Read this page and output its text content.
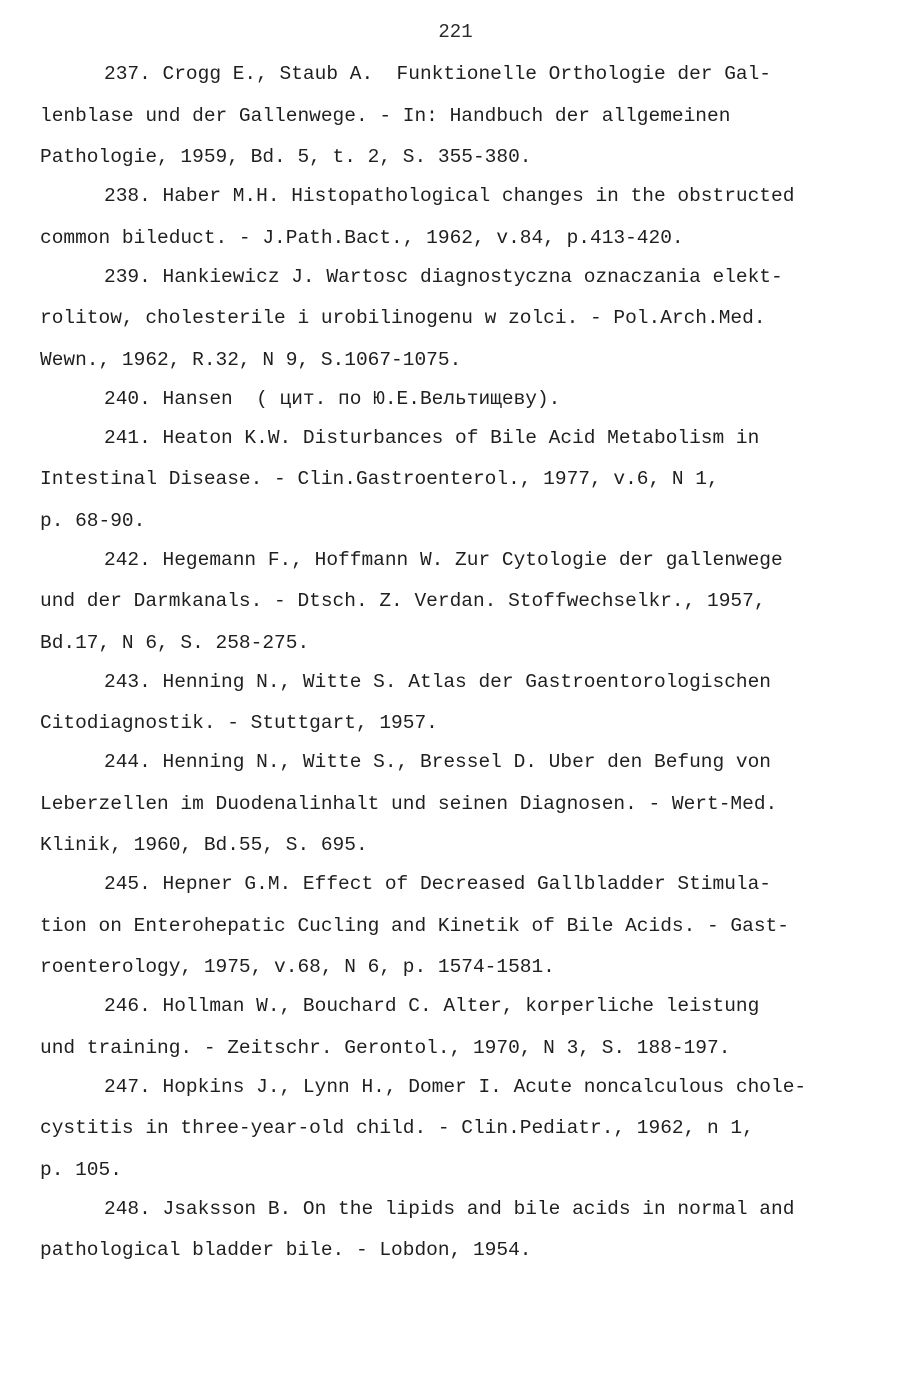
221
237. Crogg E., Staub A.  Funktionelle Orthologie der Gal-
lenblase und der Gallenwege. - In: Handbuch der allgemeinen
Pathologie, 1959, Bd. 5, t. 2, S. 355-380.
238. Haber M.H. Histopathological changes in the obstructed
common bileduct. - J.Path.Bact., 1962, v.84, p.413-420.
239. Hankiewicz J. Wartosc diagnostyczna oznaczania elekt-
rolitow, cholesterile i urobilinogenu w zolci. - Pol.Arch.Med.
Wewn., 1962, R.32, N 9, S.1067-1075.
240. Hansen  ( цит. по Ю.Е.Вельтищеву).
241. Heaton K.W. Disturbances of Bile Acid Metabolism in
Intestinal Disease. - Clin.Gastroenterol., 1977, v.6, N 1,
p. 68-90.
242. Hegemann F., Hoffmann W. Zur Cytologie der gallenwege
und der Darmkanals. - Dtsch. Z. Verdan. Stoffwechselkr., 1957,
Bd.17, N 6, S. 258-275.
243. Henning N., Witte S. Atlas der Gastroentorologischen
Citodiagnostik. - Stuttgart, 1957.
244. Henning N., Witte S., Bressel D. Uber den Befung von
Leberzellen im Duodenalinhalt und seinen Diagnosen. - Wert-Med.
Klinik, 1960, Bd.55, S. 695.
245. Hepner G.M. Effect of Decreased Gallbladder Stimula-
tion on Enterohepatic Cucling and Kinetik of Bile Acids. - Gast-
roenterology, 1975, v.68, N 6, p. 1574-1581.
246. Hollman W., Bouchard C. Alter, korperliche leistung
und training. - Zeitschr. Gerontol., 1970, N 3, S. 188-197.
247. Hopkins J., Lynn H., Domer I. Acute noncalculous chole-
cystitis in three-year-old child. - Clin.Pediatr., 1962, n 1,
p. 105.
248. Jsaksson B. On the lipids and bile acids in normal and
pathological bladder bile. - Lobdon, 1954.
